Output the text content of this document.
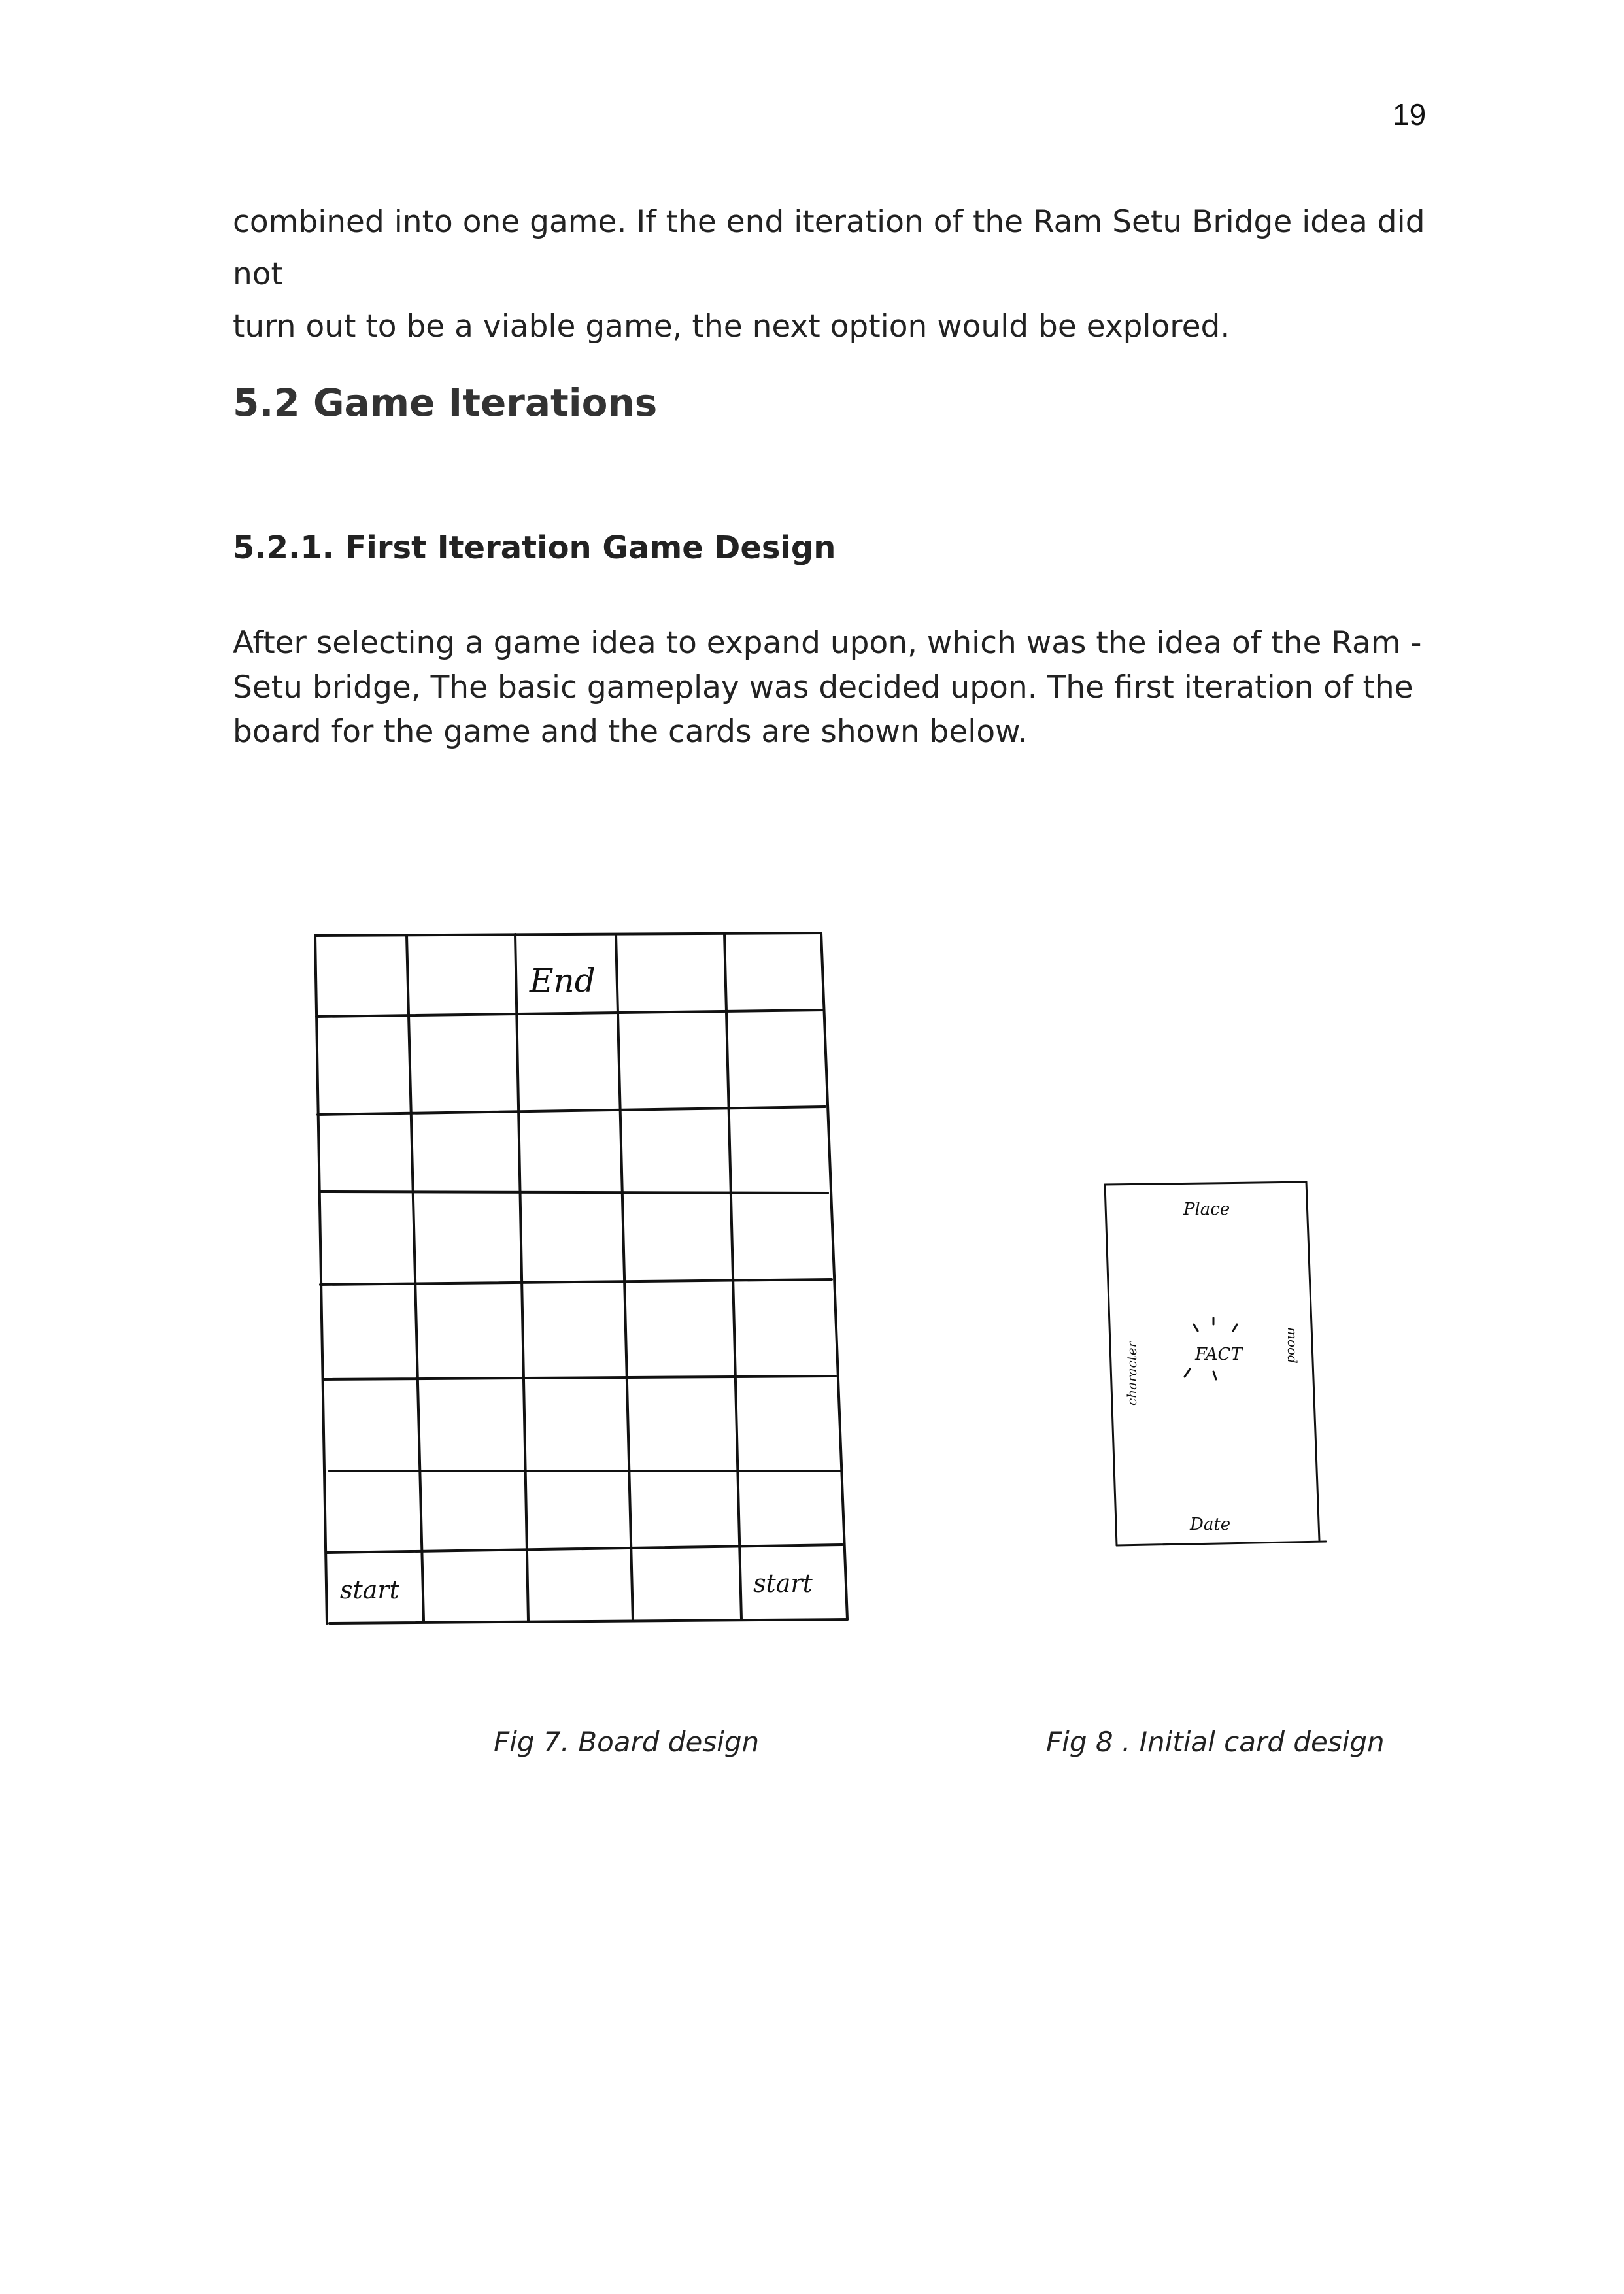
19
combined into one game. If the end iteration of the Ram Setu Bridge idea did not
turn out to be a viable game, the next option would be explored.
5.2 Game Iterations
5.2.1. First Iteration Game Design
After selecting a game idea to expand upon, which was the idea of the Ram -
Setu bridge, The basic gameplay was decided upon. The first iteration of the
board for the game and the cards are shown below.
End
start	start
Place
FACT
character	mood
Date
Fig 7. Board design	Fig 8 . Initial card design
